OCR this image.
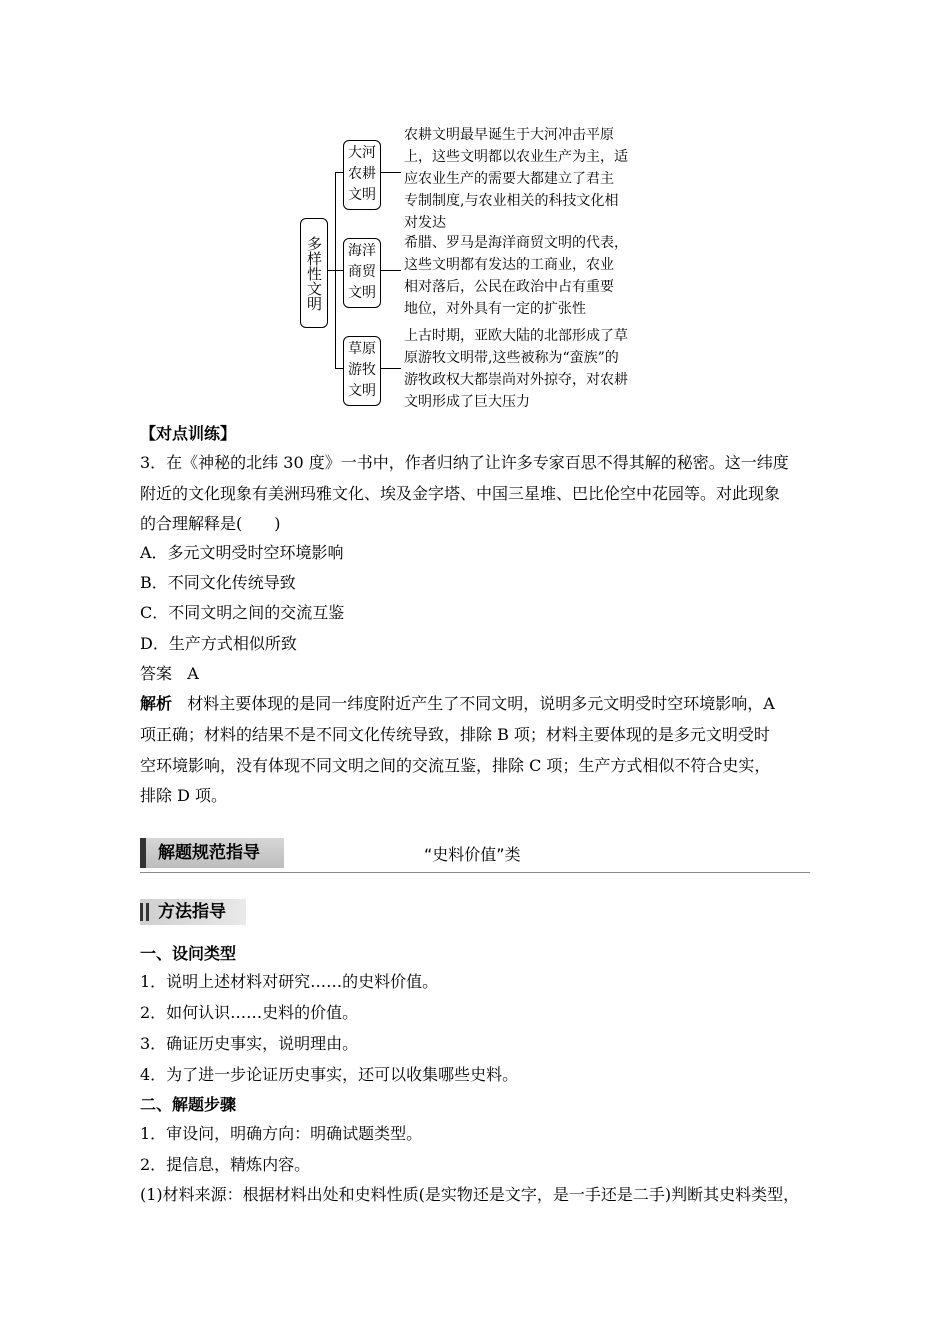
多样性文明
大河农耕文明
海洋商贸文明
草原游牧文明
农耕文明最早诞生于大河冲击平原
上，这些文明都以农业生产为主，适
应农业生产的需要大都建立了君主
专制制度,与农业相关的科技文化相
对发达
希腊、罗马是海洋商贸文明的代表，
这些文明都有发达的工商业，农业
相对落后，公民在政治中占有重要
地位，对外具有一定的扩张性
上古时期，亚欧大陆的北部形成了草
原游牧文明带,这些被称为“蛮族”的
游牧政权大都崇尚对外掠夺，对农耕
文明形成了巨大压力
【对点训练】
3．在《神秘的北纬 30 度》一书中，作者归纳了让许多专家百思不得其解的秘密。这一纬度
附近的文化现象有美洲玛雅文化、埃及金字塔、中国三星堆、巴比伦空中花园等。对此现象
的合理解释是(　　)
A．多元文明受时空环境影响
B．不同文化传统导致
C．不同文明之间的交流互鉴
D．生产方式相似所致
答案 A
解析 材料主要体现的是同一纬度附近产生了不同文明，说明多元文明受时空环境影响，A
项正确；材料的结果不是不同文化传统导致，排除 B 项；材料主要体现的是多元文明受时
空环境影响，没有体现不同文明之间的交流互鉴，排除 C 项；生产方式相似不符合史实，
排除 D 项。
解题规范指导	“史料价值”类
方法指导
一、设问类型
1．说明上述材料对研究……的史料价值。
2．如何认识……史料的价值。
3．确证历史事实，说明理由。
4．为了进一步论证历史事实，还可以收集哪些史料。
二、解题步骤
1．审设问，明确方向：明确试题类型。
2．提信息，精炼内容。
(1)材料来源：根据材料出处和史料性质(是实物还是文字，是一手还是二手)判断其史料类型，
